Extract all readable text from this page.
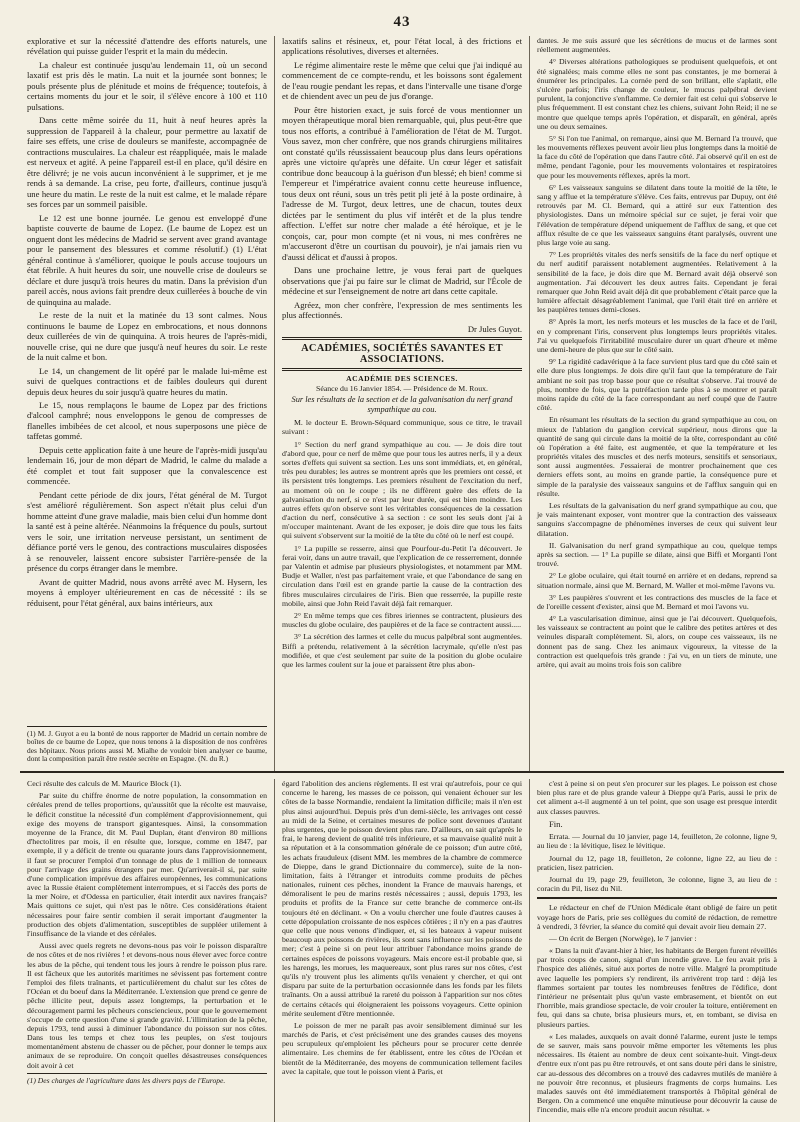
43

explorative et sur la nécessité d'attendre des efforts naturels, une révélation qui puisse guider l'esprit et la main du médecin.

La chaleur est continuée jusqu'au lendemain 11, où un second laxatif est pris dès le matin. La nuit et la journée sont bonnes; le pouls présente plus de plénitude et moins de fréquence; toutefois, à certains moments du jour et le soir, il s'élève encore à 100 et 110 pulsations.

Dans cette même soirée du 11, huit à neuf heures après la suppression de l'appareil à la chaleur, pour permettre au laxatif de faire ses effets, une crise de douleurs se manifeste, accompagnée de contractions musculaires. La chaleur est réappliquée, mais le malade est nerveux et agité. A peine l'appareil est-il en place, qu'il désire en être délivré; je ne vois aucun inconvénient à le supprimer, et je me rends à sa demande. La crise, peu forte, d'ailleurs, continue jusqu'à une heure du matin. Le reste de la nuit est calme, et le malade répare ses forces par un sommeil paisible.

Le 12 est une bonne journée. Le genou est enveloppé d'une baptiste couverte de baume de Lopez. (Le baume de Lopez est un onguent dont les médecins de Madrid se servent avec grand avantage pour le pansement des blessures et comme résolutif.) (1) L'état général continue à s'améliorer, quoique le pouls accuse toujours un état fébrile. A huit heures du soir, une nouvelle crise de douleurs se déclare et dure jusqu'à trois heures du matin. Dans la prévision d'un pareil accès, nous avions fait prendre deux cuillerées à bouche de vin de quinquina au malade.

Le reste de la nuit et la matinée du 13 sont calmes. Nous continuons le baume de Lopez en embrocations, et nous donnons deux cuillerées de vin de quinquina. A trois heures de l'après-midi, nouvelle crise, qui ne dure que jusqu'à neuf heures du soir. Le reste de la nuit calme et bon.

Le 14, un changement de lit opéré par le malade lui-même est suivi de quelques contractions et de faibles douleurs qui durent depuis deux heures du soir jusqu'à quatre heures du matin.

Le 15, nous remplaçons le baume de Lopez par des frictions d'alcool camphré; nous enveloppons le genou de compresses de flanelles imbibées de cet alcool, et nous superposons une pièce de taffetas gommé.

Depuis cette application faite à une heure de l'après-midi jusqu'au lendemain 16, jour de mon départ de Madrid, le calme du malade a été complet et tout fait supposer que la convalescence est commencée.

Pendant cette période de dix jours, l'état général de M. Turgot s'est amélioré régulièrement. Son aspect n'était plus celui d'un homme atteint d'une grave maladie, mais bien celui d'un homme dont la santé est à peine altérée. Néanmoins la fréquence du pouls, surtout vers le soir, une irritation nerveuse persistant, un sentiment de défiance porté vers le genou, des contractions musculaires disposées à se renouveler, laissent encore subsister l'arrière-pensée de la présence du corps étranger dans le membre.

Avant de quitter Madrid, nous avons arrêté avec M. Hysern, les moyens à employer ultérieurement en cas de nécessité : ils se réduisent, pour l'état général, aux bains intérieurs, aux

(1) M. J. Guyot a eu la bonté de nous rapporter de Madrid un certain nombre de boîtes de ce baume de Lopez, que nous tenons à la disposition de nos confrères des hôpitaux. Nous prions aussi M. Mialhe de vouloir bien analyser ce baume, dont la composition paraît être restée secrète en Espagne. (N. du R.)

laxatifs salins et résineux, et, pour l'état local, à des frictions et applications résolutives, diverses et alternées.

Le régime alimentaire reste le même que celui que j'ai indiqué au commencement de ce compte-rendu, et les boissons sont également de l'eau rougie pendant les repas, et dans l'intervalle une tisane d'orge et de chiendent avec un peu de jus d'orange.

Pour être historien exact, je suis forcé de vous mentionner un moyen thérapeutique moral bien remarquable, qui, plus peut-être que tous nos efforts, a contribué à l'amélioration de l'état de M. Turgot. Vous savez, mon cher confrère, que nos grands chirurgiens militaires ont constaté qu'ils réussissaient beaucoup plus dans leurs opérations après une victoire qu'après une défaite. Un cœur léger et satisfait contribue donc beaucoup à la guérison d'un blessé; eh bien! comme si l'empereur et l'impératrice avaient connu cette heureuse influence, tous deux ont réuni, sous un très petit pli jeté à la poste ordinaire, à l'adresse de M. Turgot, deux lettres, une de chacun, toutes deux dictées par le sentiment du plus vif intérêt et de la plus tendre affection. L'effet sur notre cher malade a été héroïque, et je le conçois, car, pour mon compte (et ni vous, ni mes confrères ne m'accuseront d'être un courtisan du pouvoir), je n'ai jamais rien vu d'aussi délicat et d'aussi à propos.

Dans une prochaine lettre, je vous ferai part de quelques observations que j'ai pu faire sur le climat de Madrid, sur l'École de médecine et sur l'enseignement de notre art dans cette capitale.

Agréez, mon cher confrère, l'expression de mes sentiments les plus affectionnés.

Dr Jules Guyot.

ACADÉMIES, SOCIÉTÉS SAVANTES ET ASSOCIATIONS.
ACADÉMIE DES SCIENCES.
Séance du 16 Janvier 1854. — Présidence de M. Roux.
Sur les résultats de la section et de la galvanisation du nerf grand sympathique au cou.

M. le docteur E. Brown-Séquard communique, sous ce titre, le travail suivant :

1° Section du nerf grand sympathique au cou. — Je dois dire tout d'abord que, pour ce nerf de même que pour tous les autres nerfs, il y a deux sortes d'effets qui suivent sa section. Les uns sont immédiats, et, en général, très peu durables; les autres se montrent après que les premiers ont cessé, et ils persistent très longtemps. Les premiers résultent de l'excitation du nerf, au moment où on le coupe ; ils ne diffèrent guère des effets de la galvanisation du nerf, si ce n'est par leur durée, qui est bien moindre. Les autres effets qu'on observe sont les véritables conséquences de la cessation d'action du nerf, consécutive à sa section : ce sont les seuls dont j'ai à m'occuper maintenant. Avant de les exposer, je dois dire que tous les faits qui suivent s'observent sur la moitié de la tête du côté où le nerf est coupé.

1° La pupille se resserre, ainsi que Pourfour-du-Petit l'a découvert. Je ferai voir, dans un autre travail, que l'explication de ce resserrement, donnée par Valentin et admise par plusieurs physiologistes, et notamment par MM. Budje et Waller, n'est pas parfaitement vraie, et que l'abondance de sang en circulation dans l'œil est en grande partie la cause de la contraction des fibres musculaires circulaires de l'iris. Bien que resserrée, la pupille reste mobile, ainsi que John Reid l'avait déjà fait remarquer.

2° En même temps que ces fibres iriennes se contractent, plusieurs des muscles du globe oculaire, des paupières et de la face se contractent aussi.....

3° La sécrétion des larmes et celle du mucus palpébral sont augmentées. Biffi a prétendu, relativement à la sécrétion lacrymale, qu'elle n'est pas modifiée, et que c'est seulement par suite de la position du globe oculaire que les larmes coulent sur la joue et paraissent être plus abon-

dantes. Je me suis assuré que les sécrétions de mucus et de larmes sont réellement augmentées.

4° Diverses altérations pathologiques se produisent quelquefois, et ont été signalées; mais comme elles ne sont pas constantes, je me bornerai à énumérer les principales. La cornée perd de son brillant, elle s'aplatit, elle s'ulcère parfois; l'iris change de couleur, le mucus palpébral devient purulent, la conjonctive s'enflamme. Ce dernier fait est celui qui s'observe le plus fréquemment. Il est constant chez les chiens, suivant John Reid; il ne se montre que quelque temps après l'opération, et disparaît, en général, après une ou deux semaines.

5° Si l'on tue l'animal, on remarque, ainsi que M. Bernard l'a trouvé, que les mouvements réflexes peuvent avoir lieu plus longtemps dans la moitié de la face du côté de l'opération que dans l'autre côté. J'ai observé qu'il en est de même, pendant l'agonie, pour les mouvements volontaires et respiratoires que pour les mouvements réflexes, après la mort.

6° Les vaisseaux sanguins se dilatent dans toute la moitié de la tête, le sang y afflue et la température s'élève. Ces faits, entrevus par Dupuy, ont été retrouvés par M. Cl. Bernard, qui a attiré sur eux l'attention des physiologistes. Dans un mémoire spécial sur ce sujet, je ferai voir que l'élévation de température dépend uniquement de l'afflux de sang, et que cet afflux résulte de ce que les vaisseaux sanguins étant paralysés, ouvrent une plus large voie au sang.

7° Les propriétés vitales des nerfs sensitifs de la face du nerf optique et du nerf auditif paraissent notablement augmentées. Relativement à la sensibilité de la face, je dois dire que M. Bernard avait déjà observé son augmentation. J'ai découvert les deux autres faits. Cependant je ferai remarquer que John Reid avait déjà dit que probablement c'était parce que la lumière affectait désagréablement l'animal, que l'œil était tiré en arrière et les paupières tenues demi-closes.

8° Après la mort, les nerfs moteurs et les muscles de la face et de l'œil, en y comprenant l'iris, conservent plus longtemps leurs propriétés vitales. J'ai vu quelquefois l'irritabilité musculaire durer un quart d'heure et même une demi-heure de plus que sur le côté sain.

9° La rigidité cadavérique à la face survient plus tard que du côté sain et elle dure plus longtemps. Je dois dire qu'il faut que la température de l'air ambiant ne soit pas trop basse pour que ce résultat s'observe. J'ai trouvé de plus, nombre de fois, que la putréfaction tarde plus à se montrer et paraît moins rapide du côté de la face correspondant au nerf coupé que de l'autre côté.

En résumant les résultats de la section du grand sympathique au cou, on mieux de l'ablation du ganglion cervical supérieur, nous dirons que la quantité de sang qui circule dans la moitié de la tête, correspondant au côté où l'opération a été faite, est augmentée, et que la température et les propriétés vitales des muscles et des nerfs moteurs, sensitifs et sensoriaux, sont aussi augmentées. J'essaierai de montrer prochainement que ces derniers effets sont, au moins en grande partie, la conséquence pure et simple de la paralysie des vaisseaux sanguins et de l'afflux sanguin qui en résulte.

Les résultats de la galvanisation du nerf grand sympathique au cou, que je vais maintenant exposer, vont montrer que la contraction des vaisseaux sanguins s'accompagne de phénomènes inverses de ceux qui suivent leur dilatation.

II. Galvanisation du nerf grand sympathique au cou, quelque temps après sa section. — 1° La pupille se dilate, ainsi que Biffi et Morganti l'ont trouvé.

2° Le globe oculaire, qui était tourné en arrière et en dedans, reprend sa situation normale, ainsi que M. Bernard, M. Waller et moi-même l'avons vu.

3° Les paupières s'ouvrent et les contractions des muscles de la face et de l'oreille cessent d'exister, ainsi que M. Bernard et moi l'avons vu.

4° La vascularisation diminue, ainsi que je l'ai découvert. Quelquefois, les vaisseaux se contractent au point que le calibre des petites artères et des veinules disparaît complètement. Si, alors, on coupe ces vaisseaux, ils ne donnent pas de sang. Chez les animaux vigoureux, la vitesse de la contraction est quelquefois très grande : j'ai vu, en un tiers de minute, une artère, qui avait au moins trois fois son calibre

Ceci résulte des calculs de M. Maurice Block (1).

Par suite du chiffre énorme de notre population, la consommation en céréales prend de telles proportions, qu'aussitôt que la récolte est mauvaise, le déficit constitue la nécessité d'un complément d'approvisionnement, qui exige des moyens de transport gigantesques. Ainsi, la consommation moyenne de la France, dit M. Paul Duplan, étant d'environ 80 millions d'hectolitres par mois, il en résulte que, lorsque, comme en 1847, par exemple, il y a déficit de trente ou quarante jours dans l'approvisionnement, il faut se procurer l'emploi d'un tonnage de plus de 1 million de tonneaux pour l'arrivage des grains étrangers par mer. Qu'arriverait-il si, par suite d'une complication imprévue des affaires européennes, les communications avec la Russie étaient complètement interrompues, et si l'accès des ports de la mer Noire, et d'Odessa en particulier, était interdit aux navires français? Mais quittons ce sujet, qui n'est pas le nôtre. Ces considérations étaient nécessaires pour faire sentir combien il serait important d'augmenter la production des objets d'alimentation, susceptibles de suppléer utilement à l'insuffisance de la viande et des céréales.

Aussi avec quels regrets ne devons-nous pas voir le poisson disparaître de nos côtes et de nos rivières ! et devons-nous nous élever avec force contre les abus de la pêche, qui tendent tous les jours à rendre le poisson plus rare. Il est fâcheux que les autorités maritimes ne sévissent pas fortement contre l'emploi des filets traînants, et particulièrement du chalut sur les côtes de l'Océan et du boeuf dans la Méditerranée. L'extension que prend ce genre de pêche illicite peut, depuis assez longtemps, la perturbation et le découragement parmi les pêcheurs consciencieux, pour que le gouvernement s'occupe de cette question d'une si grande gravité. L'illimitation de la pêche, depuis 1793, tend aussi à diminuer l'abondance du poisson sur nos côtes. Dans tous les temps et chez tous les peuples, on s'est toujours momentanément abstenu de chasser ou de pêcher, pour donner le temps aux animaux de se reproduire. On conçoit quelles désastreuses conséquences doit avoir à cet

(1) Des charges de l'agriculture dans les divers pays de l'Europe.

égard l'abolition des anciens règlements. Il est vrai qu'autrefois, pour ce qui concerne le hareng, les masses de ce poisson, qui venaient échouer sur les côtes de la basse Normandie, rendaient la limitation difficile; mais il n'en est plus ainsi aujourd'hui. Depuis près d'un demi-siècle, les arrivages ont cessé au midi de la Seine, et certaines mesures de police sont devenues d'autant plus urgentes, que le poisson devient plus rare. D'ailleurs, on sait qu'après le frai, le hareng devient de qualité très inférieure, et sa mauvaise qualité nuit à sa réputation et à la consommation générale de ce poisson; d'un autre côté, les achats frauduleux (disent MM. les membres de la chambre de commerce de Dieppe, dans le grand Dictionnaire du commerce), suite de la non-limitation, faits à l'étranger et introduits comme produits de pêches nationales, ruinent ces pêches, inondent la France de mauvais harengs, et démoralisent le peu de marins restés nécessaires ; aussi, depuis 1793, les produits et profits de la France sur cette branche de commerce ont-ils toujours été en déclinant. « On a voulu chercher une foule d'autres causes à cette dépopulation croissante de nos espèces côtières ; il n'y en a pas d'autres que celle que nous venons d'indiquer, et, si les bateaux à vapeur nuisent beaucoup aux poissons de rivières, ils sont sans influence sur les poissons de mer; c'est à peine si on peut leur attribuer l'abondance moins grande de certaines espèces de poissons voyageurs. Mais encore est-il probable que, si les harengs, les morues, les maquereaux, sont plus rares sur nos côtes, c'est qu'ils n'y trouvent plus les aliments qu'ils venaient y chercher, et qui ont disparu par suite de la perturbation occasionnée dans les fonds par les filets traînants. On a aussi attribué la rareté du poisson à l'apparition sur nos côtes de certains cétacés qui éloigneraient les poissons voyageurs. Cette opinion mérite seulement d'être mentionnée.

Le poisson de mer ne paraît pas avoir sensiblement diminué sur les marchés de Paris, et c'est précisément une des grandes causes des moyens peu scrupuleux qu'emploient les pêcheurs pour se procurer cette denrée alimentaire. Les chemins de fer établissent, entre les côtes de l'Océan et bientôt de la Méditerranée, des moyens de communication tellement faciles avec la capitale, que tout le poisson vient à Paris, et

c'est à peine si on peut s'en procurer sur les plages. Le poisson est chose bien plus rare et de plus grande valeur à Dieppe qu'à Paris, aussi le prix de cet aliment a-t-il augmenté à un tel point, que son usage est presque interdit aux classes pauvres.

Fin.

Errata. — Journal du 10 janvier, page 14, feuilleton, 2e colonne, ligne 9, au lieu de : la lévitique, lisez le lévitique.

Journal du 12, page 18, feuilleton, 2e colonne, ligne 22, au lieu de : praticien, lisez patricien.

Journal du 19, page 29, feuilleton, 3e colonne, ligne 3, au lieu de : coracin du Pil, lisez du Nil.

Le rédacteur en chef de l'Union Médicale étant obligé de faire un petit voyage hors de Paris, prie ses collègues du comité de rédaction, de remettre à vendredi, 3 février, la séance du comité qui devait avoir lieu demain 27.

— On écrit de Bergen (Norwège), le 7 janvier :

« Dans la nuit d'avant-hier à hier, les habitants de Bergen furent réveillés par trois coups de canon, signal d'un incendie grave. Le feu avait pris à l'hospice des aliénés, situé aux portes de notre ville. Malgré la promptitude avec laquelle les pompiers s'y rendirent, ils arrivèrent trop tard : déjà les flammes sortaient par toutes les nombreuses fenêtres de l'édifice, dont l'intérieur ne présentait plus qu'un vaste embrasement, et bientôt on eut l'horrible, mais grandiose spectacle, de voir crouler la toiture, entièrement en feu, qui dans sa chute, brisa plusieurs murs, et, en tombant, se divisa en plusieurs parties.

« Les malades, auxquels on avait donné l'alarme, eurent juste le temps de se sauver, mais sans pouvoir même emporter les vêtements les plus nécessaires. Ils étaient au nombre de deux cent soixante-huit. Vingt-deux d'entre eux n'ont pas pu être retrouvés, et ont sans doute péri dans le sinistre, car au-dessous des décombres on a trouvé des cadavres mutilés de manière à ne pouvoir être reconnus, et plusieurs fragments de corps humains. Les malades sauvés ont été immédiatement transportés à l'hôpital général de Bergen. On a commencé une enquête minutieuse pour découvrir la cause de l'incendie, mais elle n'a encore produit aucun résultat. »
